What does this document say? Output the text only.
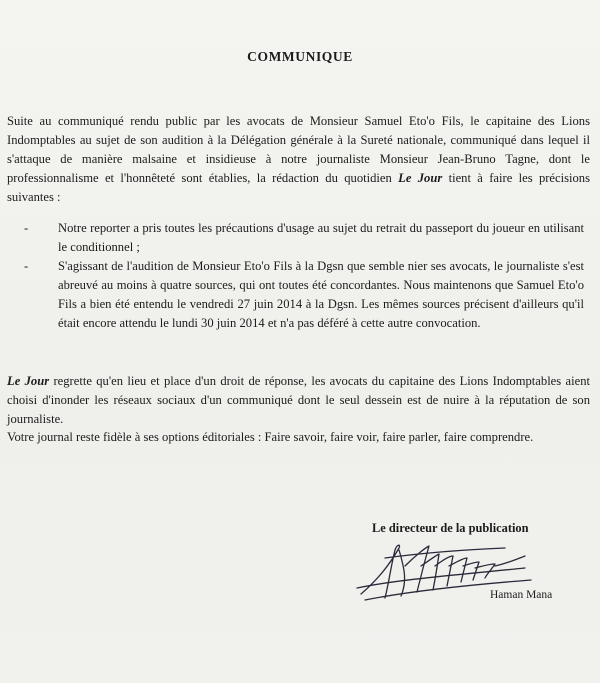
COMMUNIQUE

Suite au communiqué rendu public par les avocats de Monsieur Samuel Eto'o Fils, le capitaine des Lions Indomptables au sujet de son audition à la Délégation générale à la Sureté nationale, communiqué dans lequel il s'attaque de manière malsaine et insidieuse à notre journaliste Monsieur Jean-Bruno Tagne, dont le professionnalisme et l'honnêteté sont établies, la rédaction du quotidien Le Jour tient à faire les précisions suivantes :

- Notre reporter a pris toutes les précautions d'usage au sujet du retrait du passeport du joueur en utilisant le conditionnel ;
- S'agissant de l'audition de Monsieur Eto'o Fils à la Dgsn que semble nier ses avocats, le journaliste s'est abreuvé au moins à quatre sources, qui ont toutes été concordantes. Nous maintenons que Samuel Eto'o Fils a bien été entendu le vendredi 27 juin 2014 à la Dgsn. Les mêmes sources précisent d'ailleurs qu'il était encore attendu le lundi 30 juin 2014 et n'a pas déféré à cette autre convocation.

Le Jour regrette qu'en lieu et place d'un droit de réponse, les avocats du capitaine des Lions Indomptables aient choisi d'inonder les réseaux sociaux d'un communiqué dont le seul dessein est de nuire à la réputation de son journaliste.

Votre journal reste fidèle à ses options éditoriales : Faire savoir, faire voir, faire parler, faire comprendre.

Le directeur de la publication
Haman Mana
